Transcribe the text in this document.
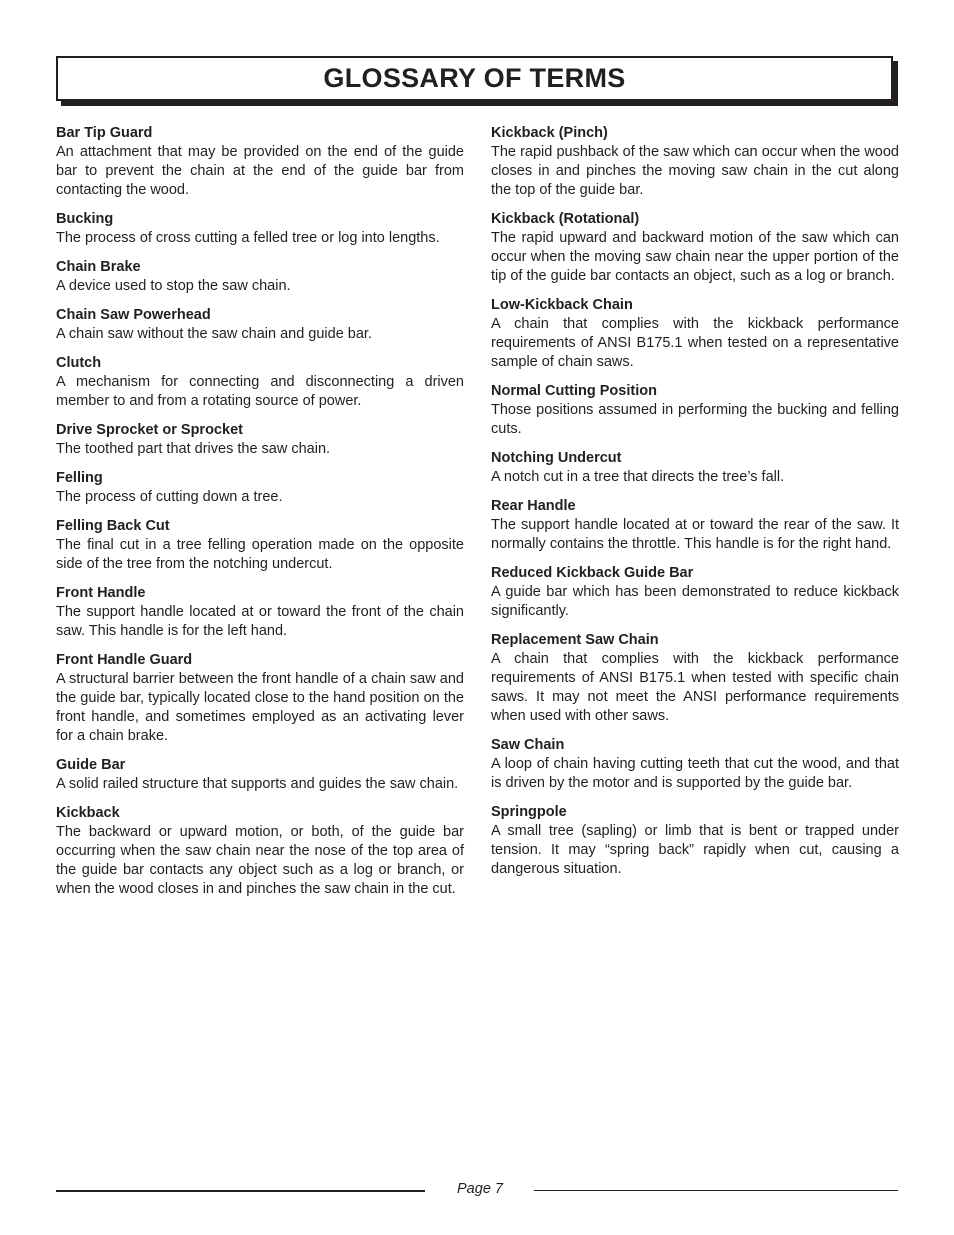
GLOSSARY OF TERMS
Bar Tip Guard
An attachment that may be provided on the end of the guide bar to prevent the chain at the end of the guide bar from contacting the wood.
Bucking
The process of cross cutting a felled tree or log into lengths.
Chain Brake
A device used to stop the saw chain.
Chain Saw Powerhead
A chain saw without the saw chain and guide bar.
Clutch
A mechanism for connecting and disconnecting a driven member to and from a rotating source of power.
Drive Sprocket or Sprocket
The toothed part that drives the saw chain.
Felling
The process of cutting down a tree.
Felling Back Cut
The final cut in a tree felling operation made on the opposite side of the tree from the notching undercut.
Front Handle
The support handle located at or toward the front of the chain saw. This handle is for the left hand.
Front Handle Guard
A structural barrier between the front handle of a chain saw and the guide bar, typically located close to the hand position on the front handle, and sometimes employed as an activating lever for a chain brake.
Guide Bar
A solid railed structure that supports and guides the saw chain.
Kickback
The backward or upward motion, or both, of the guide bar occurring when the saw chain near the nose of the top area of the guide bar contacts any object such as a log or branch, or when the wood closes in and pinches the saw chain in the cut.
Kickback (Pinch)
The rapid pushback of the saw which can occur when the wood closes in and pinches the moving saw chain in the cut along the top of the guide bar.
Kickback (Rotational)
The rapid upward and backward motion of the saw which can occur when the moving saw chain near the upper portion of the tip of the guide bar contacts an object, such as a log or branch.
Low-Kickback Chain
A chain that complies with the kickback performance requirements of ANSI B175.1 when tested on a representative sample of chain saws.
Normal Cutting Position
Those positions assumed in performing the bucking and felling cuts.
Notching Undercut
A notch cut in a tree that directs the tree’s fall.
Rear Handle
The support handle located at or toward the rear of the saw. It normally contains the throttle. This handle is for the right hand.
Reduced Kickback Guide Bar
A guide bar which has been demonstrated to reduce kickback significantly.
Replacement Saw Chain
A chain that complies with the kickback performance requirements of ANSI B175.1 when tested with specific chain saws. It may not meet the ANSI performance requirements when used with other saws.
Saw Chain
A loop of chain having cutting teeth that cut the wood, and that is driven by the motor and is supported by the guide bar.
Springpole
A small tree (sapling) or limb that is bent or trapped under tension. It may “spring back” rapidly when cut, causing a dangerous situation.
Page 7
